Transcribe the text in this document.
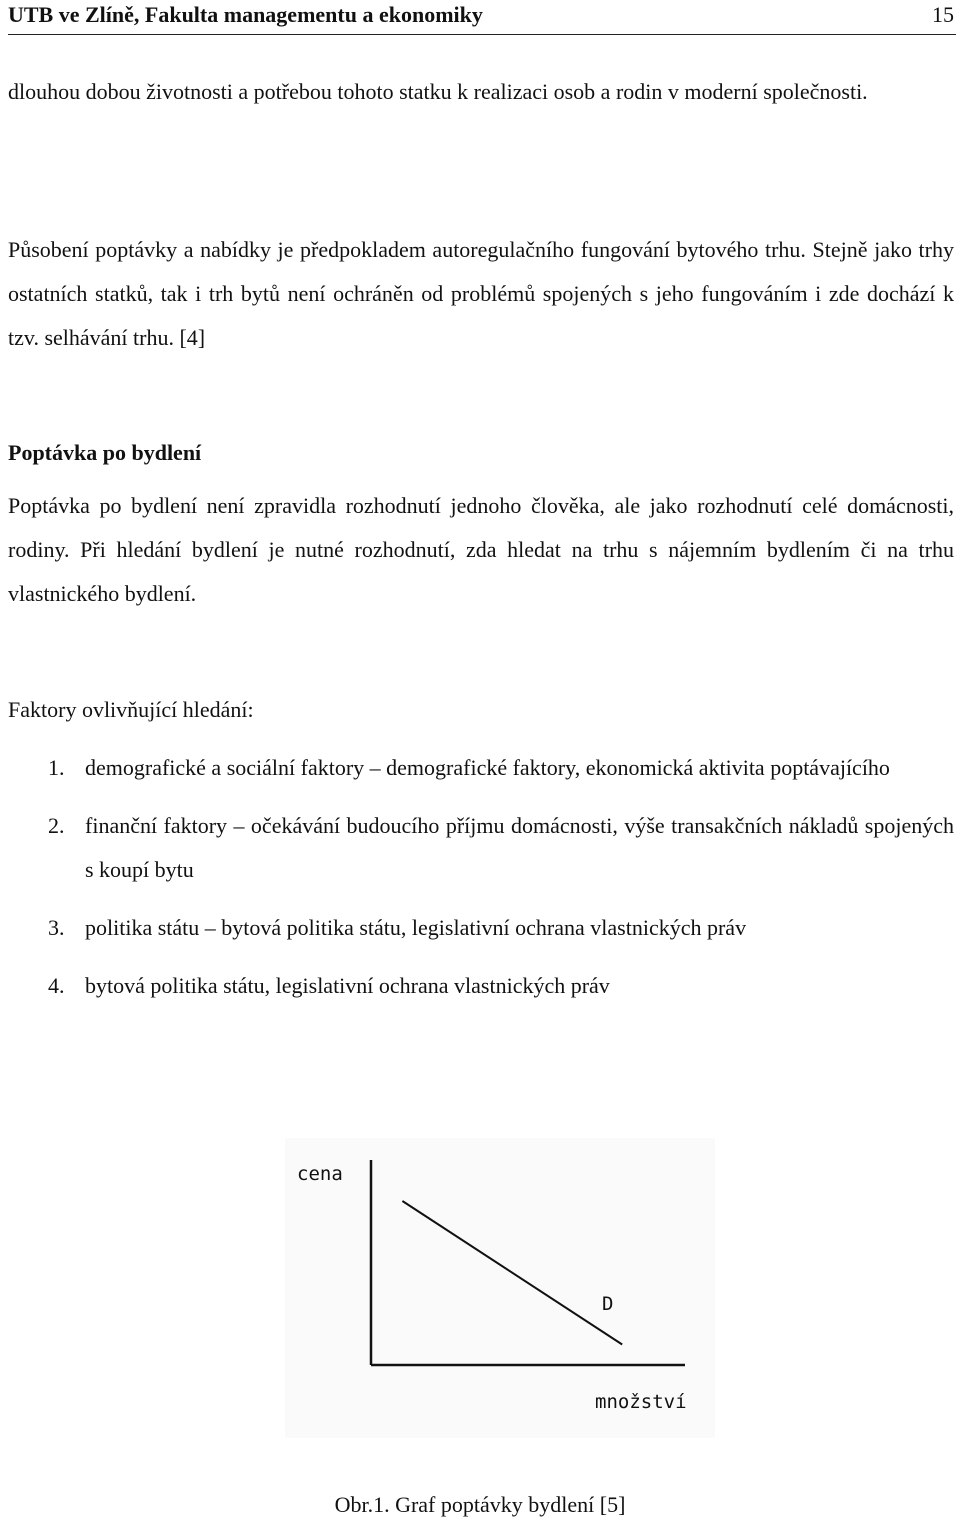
UTB ve Zlíně, Fakulta managementu a ekonomiky	15

dlouhou dobou životnosti a potřebou tohoto statku k realizaci osob a rodin v moderní společnosti.

Působení poptávky a nabídky je předpokladem autoregulačního fungování bytového trhu. Stejně jako trhy ostatních statků, tak i trh bytů není ochráněn od problémů spojených s jeho fungováním i zde dochází k tzv. selhávání trhu. [4]

Poptávka po bydlení

Poptávka po bydlení není zpravidla rozhodnutí jednoho člověka, ale jako rozhodnutí celé domácnosti, rodiny. Při hledání bydlení je nutné rozhodnutí, zda hledat na trhu s nájemním bydlením či na trhu vlastnického bydlení.

Faktory ovlivňující hledání:

1. demografické a sociální faktory – demografické faktory, ekonomická aktivita poptávajícího
2. finanční faktory – očekávání budoucího příjmu domácnosti, výše transakčních nákladů spojených s koupí bytu
3. politika státu – bytová politika státu, legislativní ochrana vlastnických práv
4. bytová politika státu, legislativní ochrana vlastnických práv
cena
D
množství
Obr.1. Graf poptávky bydlení [5]
